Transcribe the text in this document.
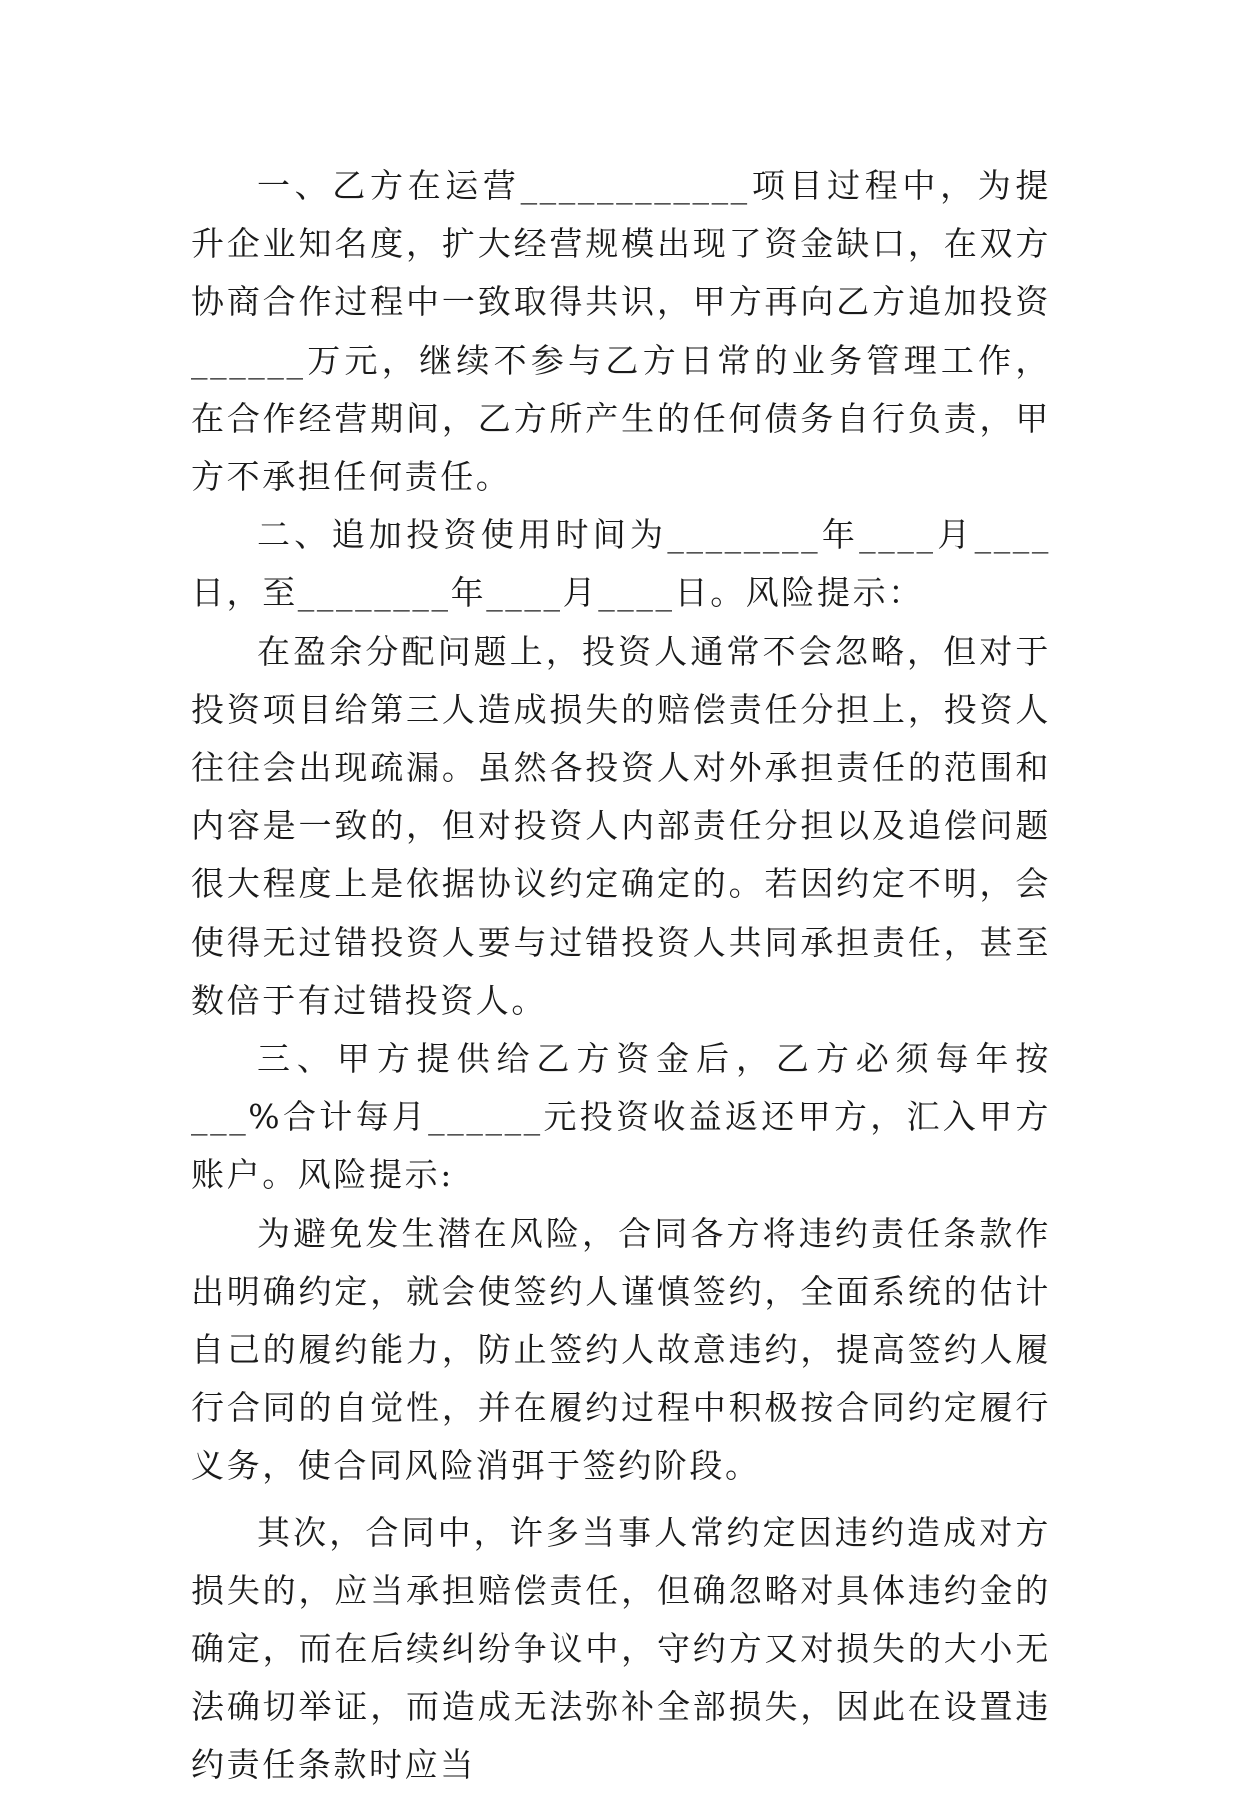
一、乙方在运营____________项目过程中，为提升企业知名度，扩大经营规模出现了资金缺口，在双方协商合作过程中一致取得共识，甲方再向乙方追加投资______万元，继续不参与乙方日常的业务管理工作，在合作经营期间，乙方所产生的任何债务自行负责，甲方不承担任何责任。

二、追加投资使用时间为________年____月____日，至________年____月____日。风险提示：

在盈余分配问题上，投资人通常不会忽略，但对于投资项目给第三人造成损失的赔偿责任分担上，投资人往往会出现疏漏。虽然各投资人对外承担责任的范围和内容是一致的，但对投资人内部责任分担以及追偿问题很大程度上是依据协议约定确定的。若因约定不明，会使得无过错投资人要与过错投资人共同承担责任，甚至数倍于有过错投资人。

三、甲方提供给乙方资金后，乙方必须每年按___%合计每月______元投资收益返还甲方，汇入甲方账户。风险提示:

为避免发生潜在风险，合同各方将违约责任条款作出明确约定，就会使签约人谨慎签约，全面系统的估计自己的履约能力，防止签约人故意违约，提高签约人履行合同的自觉性，并在履约过程中积极按合同约定履行义务，使合同风险消弭于签约阶段。

其次，合同中，许多当事人常约定因违约造成对方损失的，应当承担赔偿责任，但确忽略对具体违约金的确定，而在后续纠纷争议中，守约方又对损失的大小无法确切举证，而造成无法弥补全部损失，因此在设置违约责任条款时应当
